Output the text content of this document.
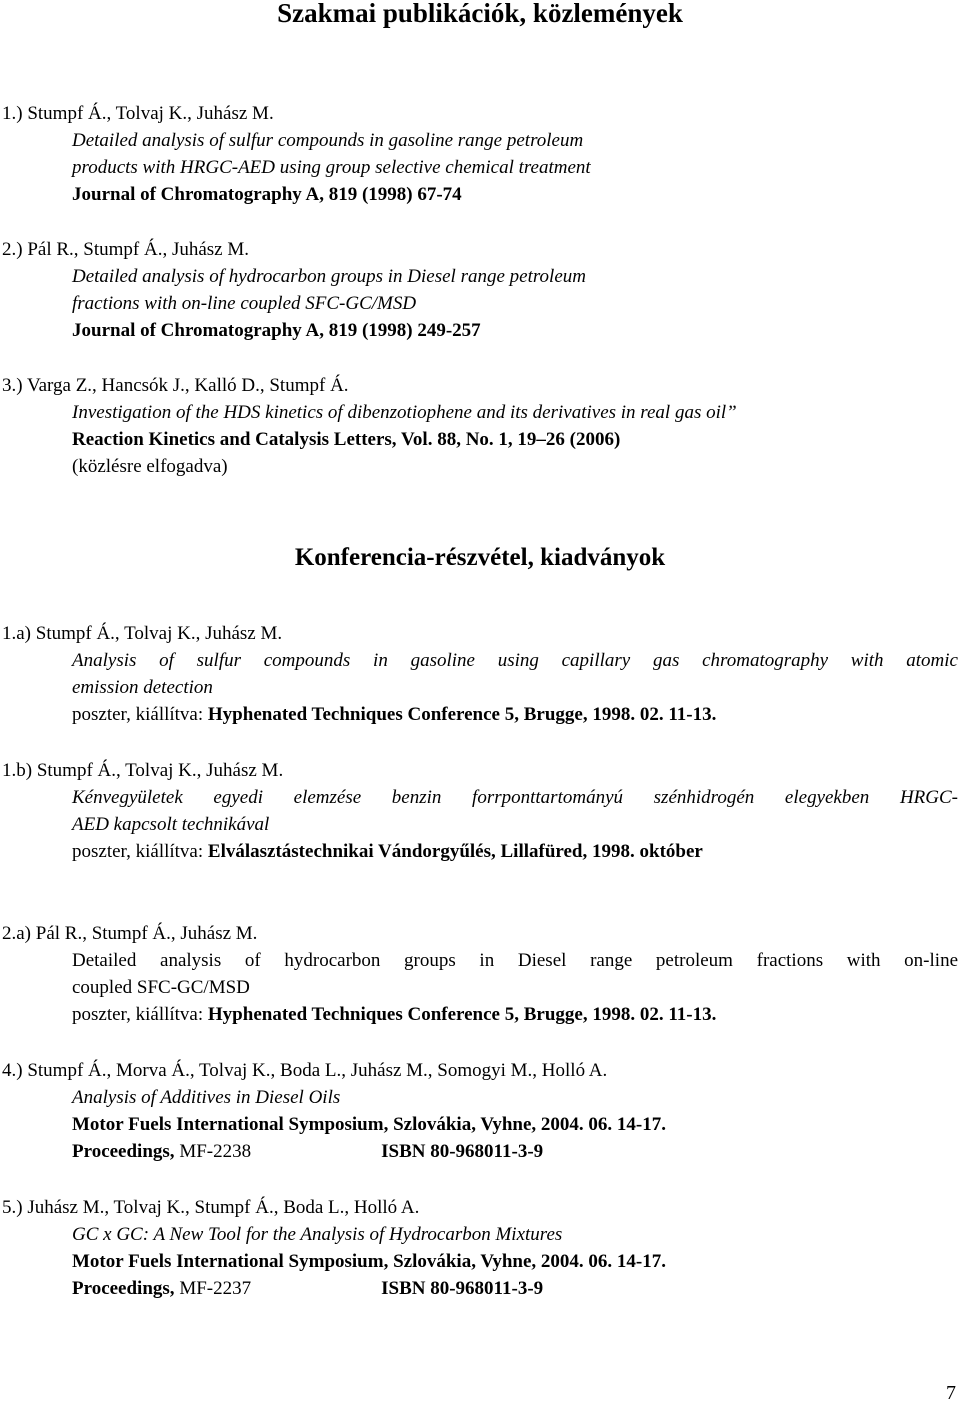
Szakmai publikációk, közlemények
1.) Stumpf Á., Tolvaj K., Juhász M.
Detailed analysis of sulfur compounds in gasoline range petroleum
products with HRGC-AED using group selective chemical treatment
Journal of Chromatography A, 819 (1998) 67-74
2.) Pál R., Stumpf Á., Juhász M.
Detailed analysis of hydrocarbon groups in Diesel range petroleum
fractions with on-line coupled SFC-GC/MSD
Journal of Chromatography A, 819 (1998) 249-257
3.) Varga Z., Hancsók J., Kalló D., Stumpf Á.
Investigation of the HDS kinetics of dibenzotiophene and its derivatives in real gas oil”
Reaction Kinetics and Catalysis Letters, Vol. 88, No. 1, 19–26 (2006)
(közlésre elfogadva)
Konferencia-részvétel, kiadványok
1.a) Stumpf Á., Tolvaj K., Juhász M.
Analysis of sulfur compounds in gasoline using capillary gas chromatography with atomic
emission detection
poszter, kiállítva: Hyphenated Techniques Conference 5, Brugge, 1998. 02. 11-13.
1.b) Stumpf Á., Tolvaj K., Juhász M.
Kénvegyületek egyedi elemzése benzin forrponttartományú szénhidrogén elegyekben HRGC-
AED kapcsolt technikával
poszter, kiállítva: Elválasztástechnikai Vándorgyűlés, Lillafüred, 1998. október
2.a) Pál R., Stumpf Á., Juhász M.
Detailed analysis of hydrocarbon groups in Diesel range petroleum fractions with on-line
coupled SFC-GC/MSD
poszter, kiállítva: Hyphenated Techniques Conference 5, Brugge, 1998. 02. 11-13.
4.) Stumpf Á., Morva Á., Tolvaj K., Boda L., Juhász M., Somogyi M., Holló A.
Analysis of Additives in Diesel Oils
Motor Fuels International Symposium, Szlovákia, Vyhne, 2004. 06. 14-17.
Proceedings, MF-2238	ISBN 80-968011-3-9
5.) Juhász M., Tolvaj K., Stumpf Á., Boda L., Holló A.
GC x GC: A New Tool for the Analysis of Hydrocarbon Mixtures
Motor Fuels International Symposium, Szlovákia, Vyhne, 2004. 06. 14-17.
Proceedings, MF-2237	ISBN 80-968011-3-9
7
